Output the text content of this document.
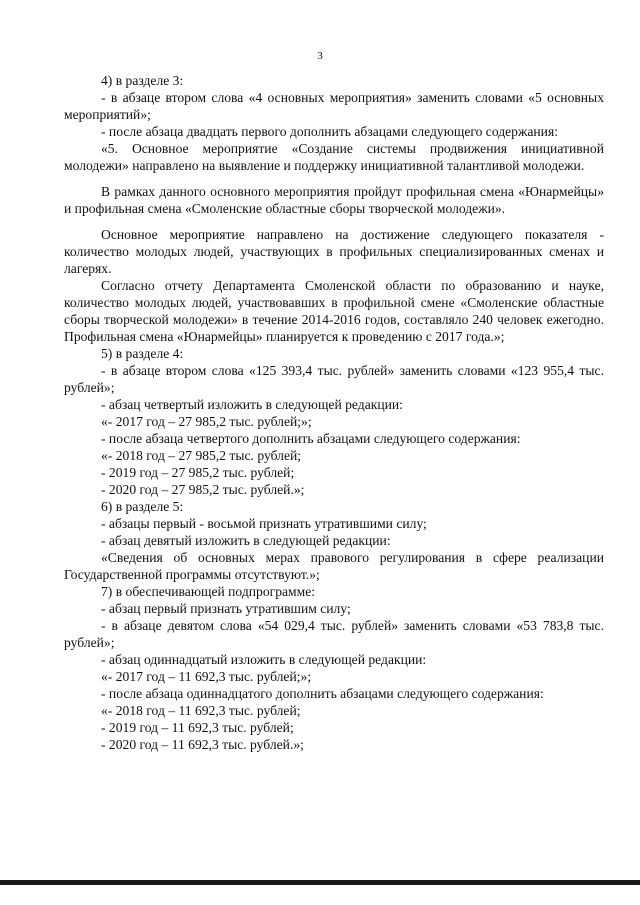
3

4) в разделе 3:

- в абзаце втором слова «4 основных мероприятия» заменить словами «5 основных мероприятий»;

- после абзаца двадцать первого дополнить абзацами следующего содержания:

«5. Основное мероприятие «Создание системы продвижения инициативной молодежи» направлено на выявление и поддержку инициативной талантливой молодежи.

В рамках данного основного мероприятия пройдут профильная смена «Юнармейцы» и профильная смена «Смоленские областные сборы творческой молодежи».

Основное мероприятие направлено на достижение следующего показателя - количество молодых людей, участвующих в профильных специализированных сменах и лагерях.

Согласно отчету Департамента Смоленской области по образованию и науке, количество молодых людей, участвовавших в профильной смене «Смоленские областные сборы творческой молодежи» в течение 2014-2016 годов, составляло 240 человек ежегодно. Профильная смена «Юнармейцы» планируется к проведению с 2017 года.»;

5) в разделе 4:

- в абзаце втором слова «125 393,4 тыс. рублей» заменить словами «123 955,4 тыс. рублей»;

- абзац четвертый изложить в следующей редакции:

«- 2017 год – 27 985,2 тыс. рублей;»;

- после абзаца четвертого дополнить абзацами следующего содержания:

«- 2018 год – 27 985,2 тыс. рублей;

- 2019 год – 27 985,2 тыс. рублей;

- 2020 год – 27 985,2 тыс. рублей.»;

6) в разделе 5:

- абзацы первый - восьмой признать утратившими силу;

- абзац девятый изложить в следующей редакции:

«Сведения об основных мерах правового регулирования в сфере реализации Государственной программы отсутствуют.»;

7) в обеспечивающей подпрограмме:

- абзац первый признать утратившим силу;

- в абзаце девятом слова «54 029,4 тыс. рублей» заменить словами «53 783,8 тыс. рублей»;

- абзац одиннадцатый изложить в следующей редакции:

«- 2017 год – 11 692,3 тыс. рублей;»;

- после абзаца одиннадцатого дополнить абзацами следующего содержания:

«- 2018 год – 11 692,3 тыс. рублей;

- 2019 год – 11 692,3 тыс. рублей;

- 2020 год – 11 692,3 тыс. рублей.»;
